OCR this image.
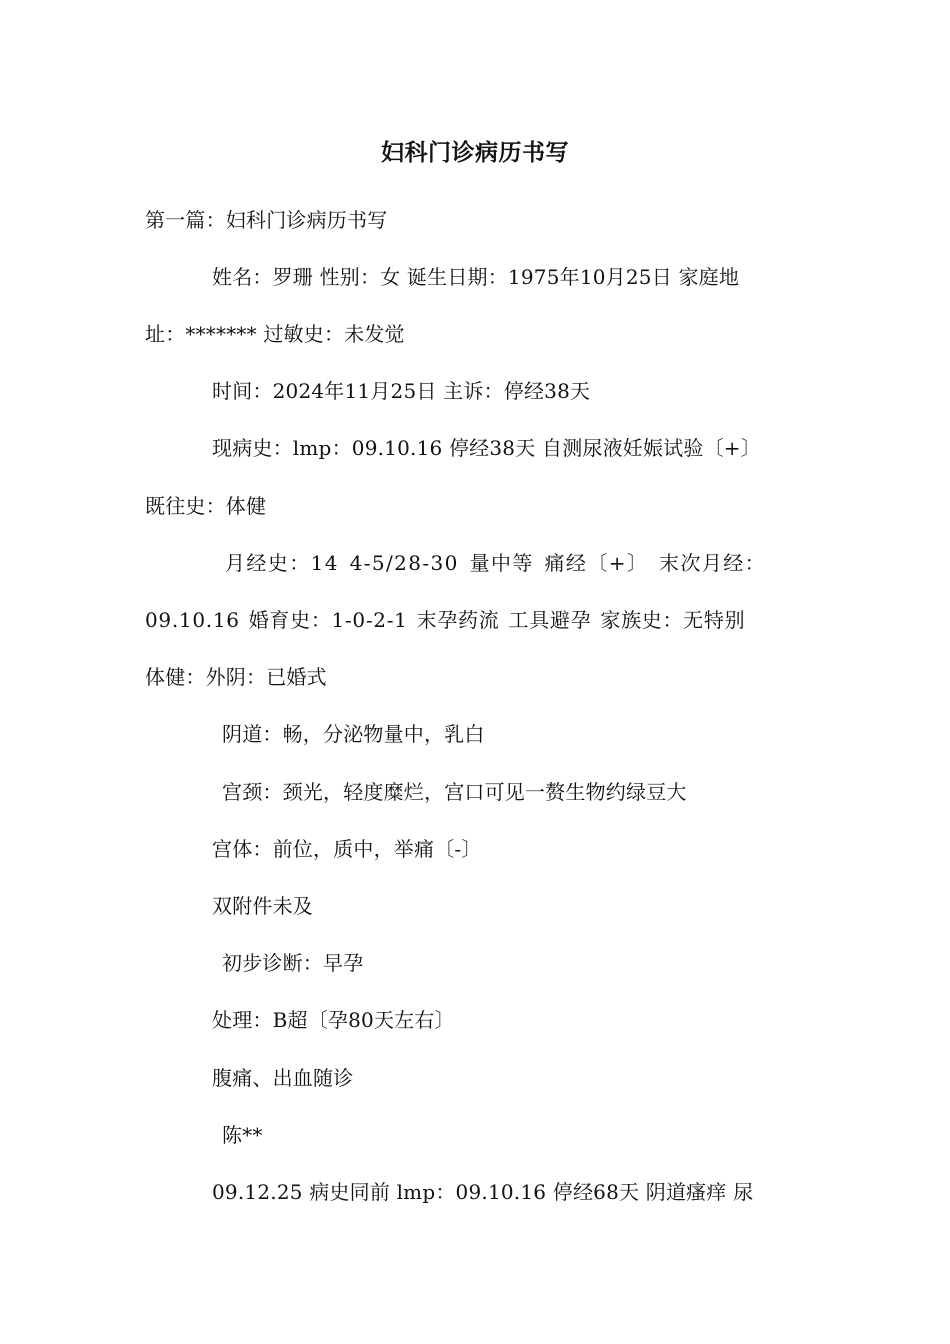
妇科门诊病历书写
第一篇：妇科门诊病历书写
姓名：罗珊 性别：女 诞生日期：1975年10月25日 家庭地
址：******* 过敏史：未发觉
时间：2024年11月25日 主诉：停经38天
现病史：lmp：09.10.16 停经38天 自测尿液妊娠试验〔+〕
既往史：体健
月经史：14 4-5/28-30 量中等 痛经〔+〕 末次月经：
09.10.16 婚育史：1-0-2-1 末孕药流 工具避孕 家族史：无特别
体健：外阴：已婚式
阴道：畅，分泌物量中，乳白
宫颈：颈光，轻度糜烂，宫口可见一赘生物约绿豆大
宫体：前位，质中，举痛〔-〕
双附件未及
初步诊断：早孕
处理：B超〔孕80天左右〕
腹痛、出血随诊
陈**
09.12.25 病史同前 lmp：09.10.16 停经68天 阴道瘙痒 尿
